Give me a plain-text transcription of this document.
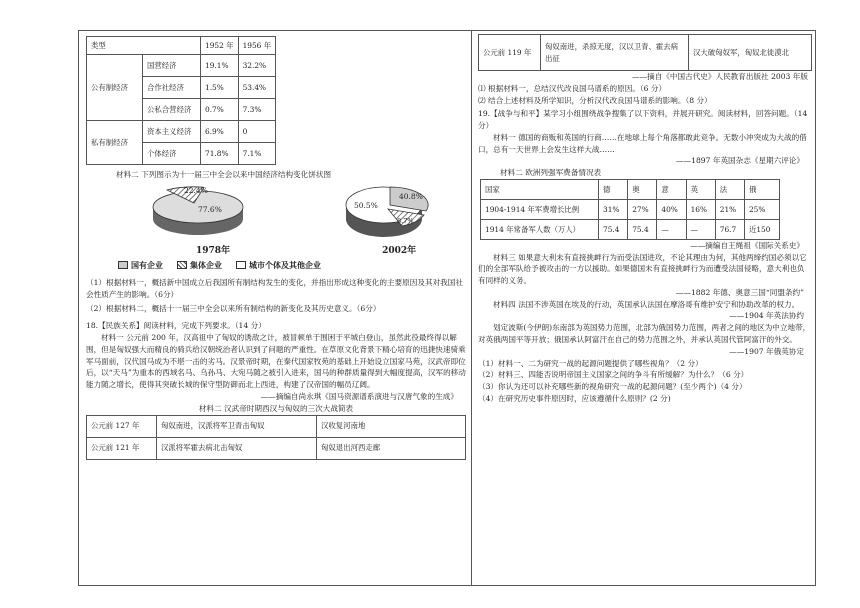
类型		1952 年	1956 年
公有制经济	国营经济	19.1%	32.2%
	合作社经济	1.5%	53.4%
	公私合营经济	0.7%	7.3%
私有制经济	资本主义经济	6.9%	0
	个体经济	71.8%	7.1%
材料二 下列图示为十一届三中全会以来中国经济结构变化饼状图
22.4%
77.6%	50.5%
40.8%
8.7%
1978年	2002年
国有企业	集体企业	城市个体及其他企业
（1）根据材料一，概括新中国成立后我国所有制结构发生的变化，并指出形成这种变化的主要原因及其对我国社会性质产生的影响。（6分）
（2）根据材料二，概括十一届三中全会以来所有制结构的新变化及其历史意义。（6分）
18.【民族关系】阅读材料，完成下列要求。（14 分）
材料一 公元前 200 年，汉高祖中了匈奴的诱敌之计，被冒顿单于围困于平城白登山，虽然此役最终得以解围，但是匈奴强大而精良的骑兵给汉朝统治者认识到了问题的严重性。在草原文化背景下精心培育的迅捷快速骑乘军马面前，汉代国马成为不堪一击的劣马。汉景帝时期，在秦代国家牧苑的基础上开始设立国家马苑，汉武帝即位后，以“天马”为重本的西域名马、乌孙马、大宛马随之被引入进来，国马的种群质量得到大幅度提高，汉军的移动能力随之增长，使得其突破长城的保守型防御而北上西进，构建了汉帝国的幅员辽阔。
——摘编自尚永琪《国马资源谱系演进与汉唐气象的生成》
材料二 汉武帝时期西汉与匈奴的三次大战简表
公元前 127 年	匈奴南进，汉派将军卫青击匈奴	汉收复河南地
公元前 121 年	汉派将军霍去病北击匈奴	匈奴退出河西走廊
公元前 119 年	匈奴南进，杀掠无度，汉以卫青、霍去病出征	汉大破匈奴军，匈奴北徙漠北
——摘自《中国古代史》人民教育出版社 2003 年版
⑴ 根据材料一，总结汉代改良国马谱系的原因。（6 分）
⑵ 结合上述材料及所学知识，分析汉代改良国马谱系的影响。（8 分）
19.【战争与和平】某学习小组围绕战争搜集了以下资料，并展开研究。阅读材料，回答问题。（14 分）
材料一 德国的商贩和英国的行商……在地球上每个角落都敢此竞争。无数小冲突成为大战的借口，总有一天世界上会发生这样大战……
——1897 年英国杂志《星期六评论》
材料二 欧洲列强军费备情况表
国家	德	奥	意	英	法	俄
1904-1914 年军费增长比例	31%	27%	40%	16%	21%	25%
1914 年常备军人数（万人）	75.4	75.4	—	—	76.7	近150
——摘编自王绳祖《国际关系史》
材料三 如果意大利未有直接挑衅行为而受法国进攻，不论其理由为何，其他两缔约国必须以它们的全部军队给予被攻击的一方以援助。如果德国未有直接挑衅行为而遭受法国侵略，意大利也负有同样的义务。
——1882 年德、奥意三国“同盟条约”
材料四 法国不涉英国在埃及的行动，英国承认法国在摩洛哥有维护安宁和协助改革的权力。
——1904 年英法协约
划定波斯(今伊朗)东南部为英国势力范围，北部为俄国势力范围，两者之间的地区为中立地带，对英俄两国平等开放；俄国承认阿富汗在自己的势力范围之外，并承认英国代管阿富汗的外交。
——1907 年俄英协定
（1）材料一、二为研究一战的起源问题提供了哪些视角？（2 分）
（2）材料三、四能否说明帝国主义国家之间的争斗有所缓解？为什么？（6 分）
（3）你认为还可以补充哪些新的视角研究一战的起源问题？(至少两个)（4 分）
（4）在研究历史事件原因时，应该遵循什么原则？(2 分)
